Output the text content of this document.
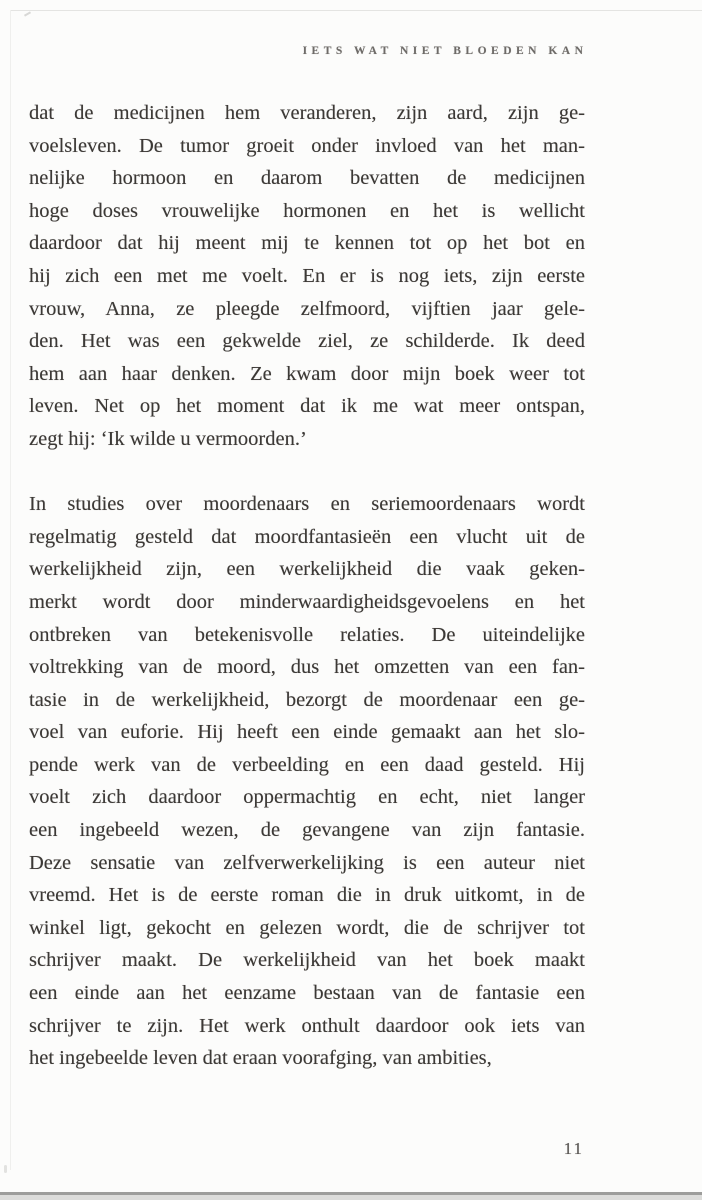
IETS WAT NIET BLOEDEN KAN
dat de medicijnen hem veranderen, zijn aard, zijn ge-
voelsleven. De tumor groeit onder invloed van het man-
nelijke hormoon en daarom bevatten de medicijnen
hoge doses vrouwelijke hormonen en het is wellicht
daardoor dat hij meent mij te kennen tot op het bot en
hij zich een met me voelt. En er is nog iets, zijn eerste
vrouw, Anna, ze pleegde zelfmoord, vijftien jaar gele-
den. Het was een gekwelde ziel, ze schilderde. Ik deed
hem aan haar denken. Ze kwam door mijn boek weer tot
leven. Net op het moment dat ik me wat meer ontspan,
zegt hij: ‘Ik wilde u vermoorden.’
In studies over moordenaars en seriemoordenaars wordt
regelmatig gesteld dat moordfantasieën een vlucht uit de
werkelijkheid zijn, een werkelijkheid die vaak geken-
merkt wordt door minderwaardigheidsgevoelens en het
ontbreken van betekenisvolle relaties. De uiteindelijke
voltrekking van de moord, dus het omzetten van een fan-
tasie in de werkelijkheid, bezorgt de moordenaar een ge-
voel van euforie. Hij heeft een einde gemaakt aan het slo-
pende werk van de verbeelding en een daad gesteld. Hij
voelt zich daardoor oppermachtig en echt, niet langer
een ingebeeld wezen, de gevangene van zijn fantasie.
Deze sensatie van zelfverwerkelijking is een auteur niet
vreemd. Het is de eerste roman die in druk uitkomt, in de
winkel ligt, gekocht en gelezen wordt, die de schrijver tot
schrijver maakt. De werkelijkheid van het boek maakt
een einde aan het eenzame bestaan van de fantasie een
schrijver te zijn. Het werk onthult daardoor ook iets van
het ingebeelde leven dat eraan voorafging, van ambities,
11
